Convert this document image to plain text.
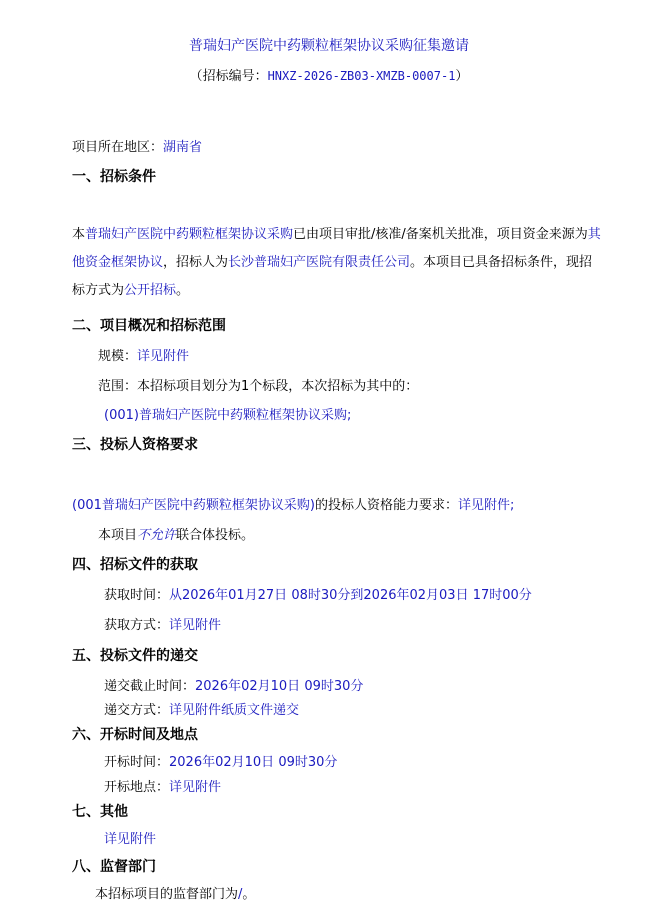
普瑞妇产医院中药颗粒框架协议采购征集邀请
（招标编号：HNXZ-2026-ZB03-XMZB-0007-1）
项目所在地区：湖南省
一、招标条件
本普瑞妇产医院中药颗粒框架协议采购已由项目审批/核准/备案机关批准，项目资金来源为其他资金框架协议，招标人为长沙普瑞妇产医院有限责任公司。本项目已具备招标条件，现招标方式为公开招标。
二、项目概况和招标范围
规模：详见附件
范围：本招标项目划分为1个标段，本次招标为其中的：
(001)普瑞妇产医院中药颗粒框架协议采购;
三、投标人资格要求
(001普瑞妇产医院中药颗粒框架协议采购)的投标人资格能力要求：详见附件;
本项目不允许联合体投标。
四、招标文件的获取
获取时间：从2026年01月27日 08时30分到2026年02月03日 17时00分
获取方式：详见附件
五、投标文件的递交
递交截止时间：2026年02月10日 09时30分
递交方式：详见附件纸质文件递交
六、开标时间及地点
开标时间：2026年02月10日 09时30分
开标地点：详见附件
七、其他
详见附件
八、监督部门
本招标项目的监督部门为/。
